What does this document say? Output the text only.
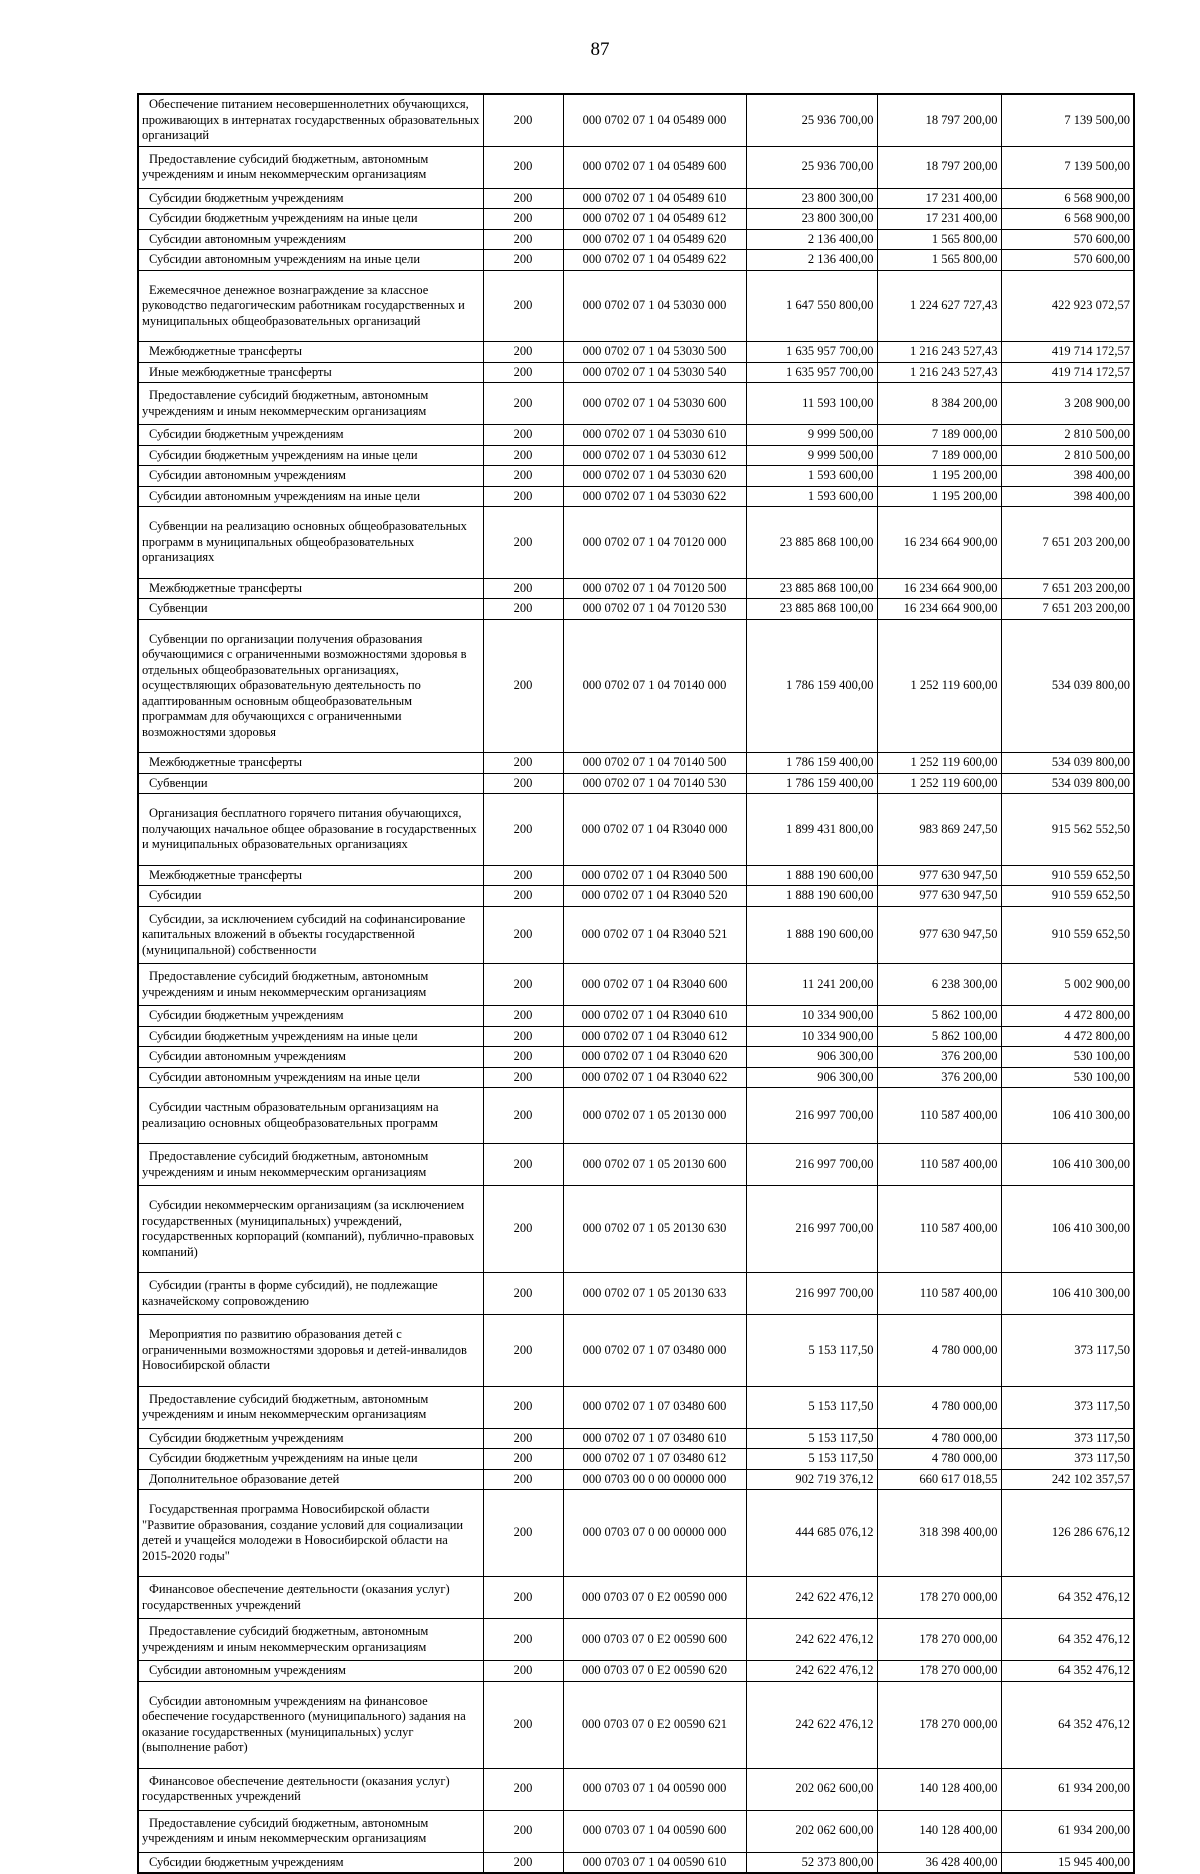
87
Обеспечение питанием несовершеннолетних обучающихся, проживающих в интернатах государственных образовательных организаций	200	000 0702 07 1 04 05489 000	25 936 700,00	18 797 200,00	7 139 500,00
Предоставление субсидий бюджетным, автономным учреждениям и иным некоммерческим организациям	200	000 0702 07 1 04 05489 600	25 936 700,00	18 797 200,00	7 139 500,00
Субсидии бюджетным учреждениям	200	000 0702 07 1 04 05489 610	23 800 300,00	17 231 400,00	6 568 900,00
Субсидии бюджетным учреждениям на иные цели	200	000 0702 07 1 04 05489 612	23 800 300,00	17 231 400,00	6 568 900,00
Субсидии автономным учреждениям	200	000 0702 07 1 04 05489 620	2 136 400,00	1 565 800,00	570 600,00
Субсидии автономным учреждениям на иные цели	200	000 0702 07 1 04 05489 622	2 136 400,00	1 565 800,00	570 600,00
Ежемесячное денежное вознаграждение за классное руководство педагогическим работникам государственных и муниципальных общеобразовательных организаций	200	000 0702 07 1 04 53030 000	1 647 550 800,00	1 224 627 727,43	422 923 072,57
Межбюджетные трансферты	200	000 0702 07 1 04 53030 500	1 635 957 700,00	1 216 243 527,43	419 714 172,57
Иные межбюджетные трансферты	200	000 0702 07 1 04 53030 540	1 635 957 700,00	1 216 243 527,43	419 714 172,57
Предоставление субсидий бюджетным, автономным учреждениям и иным некоммерческим организациям	200	000 0702 07 1 04 53030 600	11 593 100,00	8 384 200,00	3 208 900,00
Субсидии бюджетным учреждениям	200	000 0702 07 1 04 53030 610	9 999 500,00	7 189 000,00	2 810 500,00
Субсидии бюджетным учреждениям на иные цели	200	000 0702 07 1 04 53030 612	9 999 500,00	7 189 000,00	2 810 500,00
Субсидии автономным учреждениям	200	000 0702 07 1 04 53030 620	1 593 600,00	1 195 200,00	398 400,00
Субсидии автономным учреждениям на иные цели	200	000 0702 07 1 04 53030 622	1 593 600,00	1 195 200,00	398 400,00
Субвенции на реализацию основных общеобразовательных программ в муниципальных общеобразовательных организациях	200	000 0702 07 1 04 70120 000	23 885 868 100,00	16 234 664 900,00	7 651 203 200,00
Межбюджетные трансферты	200	000 0702 07 1 04 70120 500	23 885 868 100,00	16 234 664 900,00	7 651 203 200,00
Субвенции	200	000 0702 07 1 04 70120 530	23 885 868 100,00	16 234 664 900,00	7 651 203 200,00
Субвенции по организации получения образования обучающимися с ограниченными возможностями здоровья в отдельных общеобразовательных организациях, осуществляющих образовательную деятельность по адаптированным основным общеобразовательным программам для обучающихся с ограниченными возможностями здоровья	200	000 0702 07 1 04 70140 000	1 786 159 400,00	1 252 119 600,00	534 039 800,00
Межбюджетные трансферты	200	000 0702 07 1 04 70140 500	1 786 159 400,00	1 252 119 600,00	534 039 800,00
Субвенции	200	000 0702 07 1 04 70140 530	1 786 159 400,00	1 252 119 600,00	534 039 800,00
Организация бесплатного горячего питания обучающихся, получающих начальное общее образование в государственных и муниципальных образовательных организациях	200	000 0702 07 1 04 R3040 000	1 899 431 800,00	983 869 247,50	915 562 552,50
Межбюджетные трансферты	200	000 0702 07 1 04 R3040 500	1 888 190 600,00	977 630 947,50	910 559 652,50
Субсидии	200	000 0702 07 1 04 R3040 520	1 888 190 600,00	977 630 947,50	910 559 652,50
Субсидии, за исключением субсидий на софинансирование капитальных вложений в объекты государственной (муниципальной) собственности	200	000 0702 07 1 04 R3040 521	1 888 190 600,00	977 630 947,50	910 559 652,50
Предоставление субсидий бюджетным, автономным учреждениям и иным некоммерческим организациям	200	000 0702 07 1 04 R3040 600	11 241 200,00	6 238 300,00	5 002 900,00
Субсидии бюджетным учреждениям	200	000 0702 07 1 04 R3040 610	10 334 900,00	5 862 100,00	4 472 800,00
Субсидии бюджетным учреждениям на иные цели	200	000 0702 07 1 04 R3040 612	10 334 900,00	5 862 100,00	4 472 800,00
Субсидии автономным учреждениям	200	000 0702 07 1 04 R3040 620	906 300,00	376 200,00	530 100,00
Субсидии автономным учреждениям на иные цели	200	000 0702 07 1 04 R3040 622	906 300,00	376 200,00	530 100,00
Субсидии частным образовательным организациям на реализацию основных общеобразовательных программ	200	000 0702 07 1 05 20130 000	216 997 700,00	110 587 400,00	106 410 300,00
Предоставление субсидий бюджетным, автономным учреждениям и иным некоммерческим организациям	200	000 0702 07 1 05 20130 600	216 997 700,00	110 587 400,00	106 410 300,00
Субсидии некоммерческим организациям (за исключением государственных (муниципальных) учреждений, государственных корпораций (компаний), публично-правовых компаний)	200	000 0702 07 1 05 20130 630	216 997 700,00	110 587 400,00	106 410 300,00
Субсидии (гранты в форме субсидий), не подлежащие казначейскому сопровождению	200	000 0702 07 1 05 20130 633	216 997 700,00	110 587 400,00	106 410 300,00
Мероприятия по развитию образования детей с ограниченными возможностями здоровья и детей-инвалидов Новосибирской области	200	000 0702 07 1 07 03480 000	5 153 117,50	4 780 000,00	373 117,50
Предоставление субсидий бюджетным, автономным учреждениям и иным некоммерческим организациям	200	000 0702 07 1 07 03480 600	5 153 117,50	4 780 000,00	373 117,50
Субсидии бюджетным учреждениям	200	000 0702 07 1 07 03480 610	5 153 117,50	4 780 000,00	373 117,50
Субсидии бюджетным учреждениям на иные цели	200	000 0702 07 1 07 03480 612	5 153 117,50	4 780 000,00	373 117,50
Дополнительное образование детей	200	000 0703 00 0 00 00000 000	902 719 376,12	660 617 018,55	242 102 357,57
Государственная программа Новосибирской области "Развитие образования, создание условий для социализации детей и учащейся молодежи в Новосибирской области на 2015-2020 годы"	200	000 0703 07 0 00 00000 000	444 685 076,12	318 398 400,00	126 286 676,12
Финансовое обеспечение деятельности (оказания услуг) государственных учреждений	200	000 0703 07 0 E2 00590 000	242 622 476,12	178 270 000,00	64 352 476,12
Предоставление субсидий бюджетным, автономным учреждениям и иным некоммерческим организациям	200	000 0703 07 0 E2 00590 600	242 622 476,12	178 270 000,00	64 352 476,12
Субсидии автономным учреждениям	200	000 0703 07 0 E2 00590 620	242 622 476,12	178 270 000,00	64 352 476,12
Субсидии автономным учреждениям на финансовое обеспечение государственного (муниципального) задания на оказание государственных (муниципальных) услуг (выполнение работ)	200	000 0703 07 0 E2 00590 621	242 622 476,12	178 270 000,00	64 352 476,12
Финансовое обеспечение деятельности (оказания услуг) государственных учреждений	200	000 0703 07 1 04 00590 000	202 062 600,00	140 128 400,00	61 934 200,00
Предоставление субсидий бюджетным, автономным учреждениям и иным некоммерческим организациям	200	000 0703 07 1 04 00590 600	202 062 600,00	140 128 400,00	61 934 200,00
Субсидии бюджетным учреждениям	200	000 0703 07 1 04 00590 610	52 373 800,00	36 428 400,00	15 945 400,00
